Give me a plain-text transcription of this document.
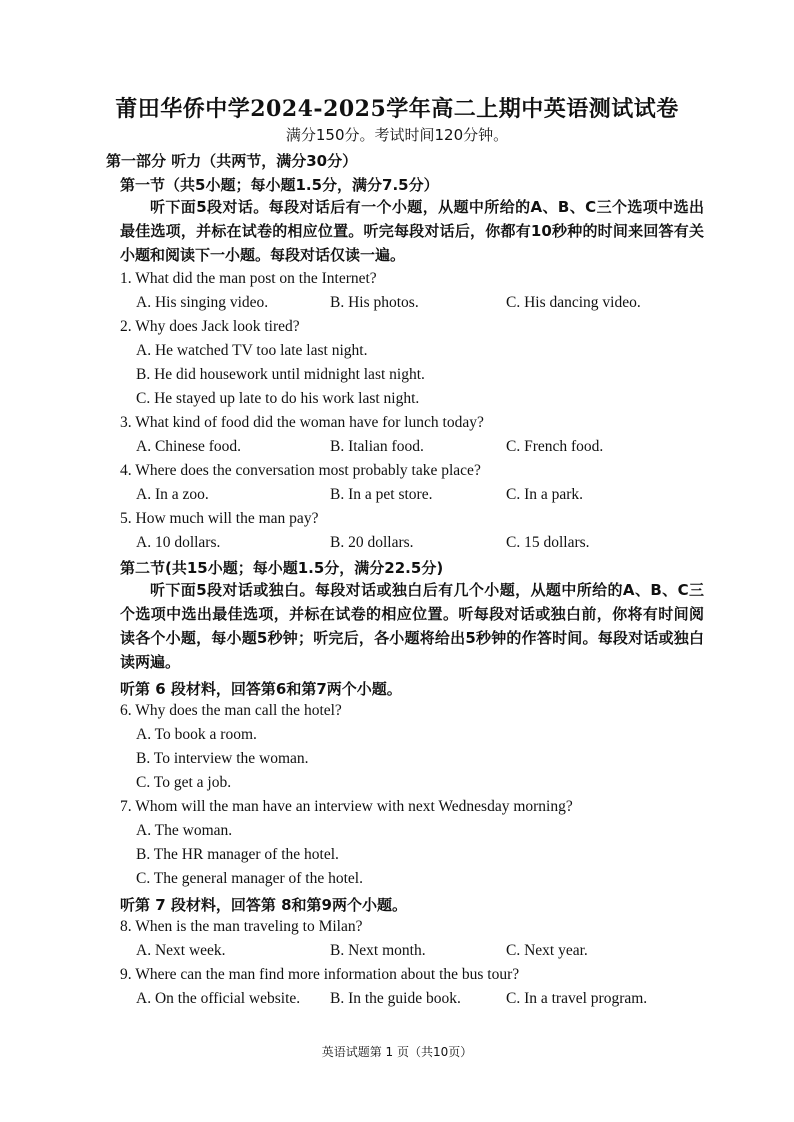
莆田华侨中学2024-2025学年高二上期中英语测试试卷
满分150分。考试时间120分钟。
第一部分 听力（共两节，满分30分）
第一节（共5小题；每小题1.5分，满分7.5分）
听下面5段对话。每段对话后有一个小题，从题中所给的A、B、C三个选项中选出最佳选项，并标在试卷的相应位置。听完每段对话后，你都有10秒种的时间来回答有关小题和阅读下一小题。每段对话仅读一遍。
1. What did the man post on the Internet?
A. His singing video.	B. His photos.	C. His dancing video.
2. Why does Jack look tired?
A. He watched TV too late last night.
B. He did housework until midnight last night.
C. He stayed up late to do his work last night.
3. What kind of food did the woman have for lunch today?
A. Chinese food.	B. Italian food.	C. French food.
4. Where does the conversation most probably take place?
A. In a zoo.	B. In a pet store.	C. In a park.
5. How much will the man pay?
A. 10 dollars.	B. 20 dollars.	C. 15 dollars.
第二节(共15小题；每小题1.5分，满分22.5分)
听下面5段对话或独白。每段对话或独白后有几个小题，从题中所给的A、B、C三个选项中选出最佳选项，并标在试卷的相应位置。听每段对话或独白前，你将有时间阅读各个小题，每小题5秒钟；听完后，各小题将给出5秒钟的作答时间。每段对话或独白读两遍。
听第 6 段材料，回答第6和第7两个小题。
6. Why does the man call the hotel?
A. To book a room.
B. To interview the woman.
C. To get a job.
7. Whom will the man have an interview with next Wednesday morning?
A. The woman.
B. The HR manager of the hotel.
C. The general manager of the hotel.
听第 7 段材料，回答第 8和第9两个小题。
8. When is the man traveling to Milan?
A. Next week.	B. Next month.	C. Next year.
9. Where can the man find more information about the bus tour?
A. On the official website. B. In the guide book.	C. In a travel program.
英语试题第 1 页（共10页）
